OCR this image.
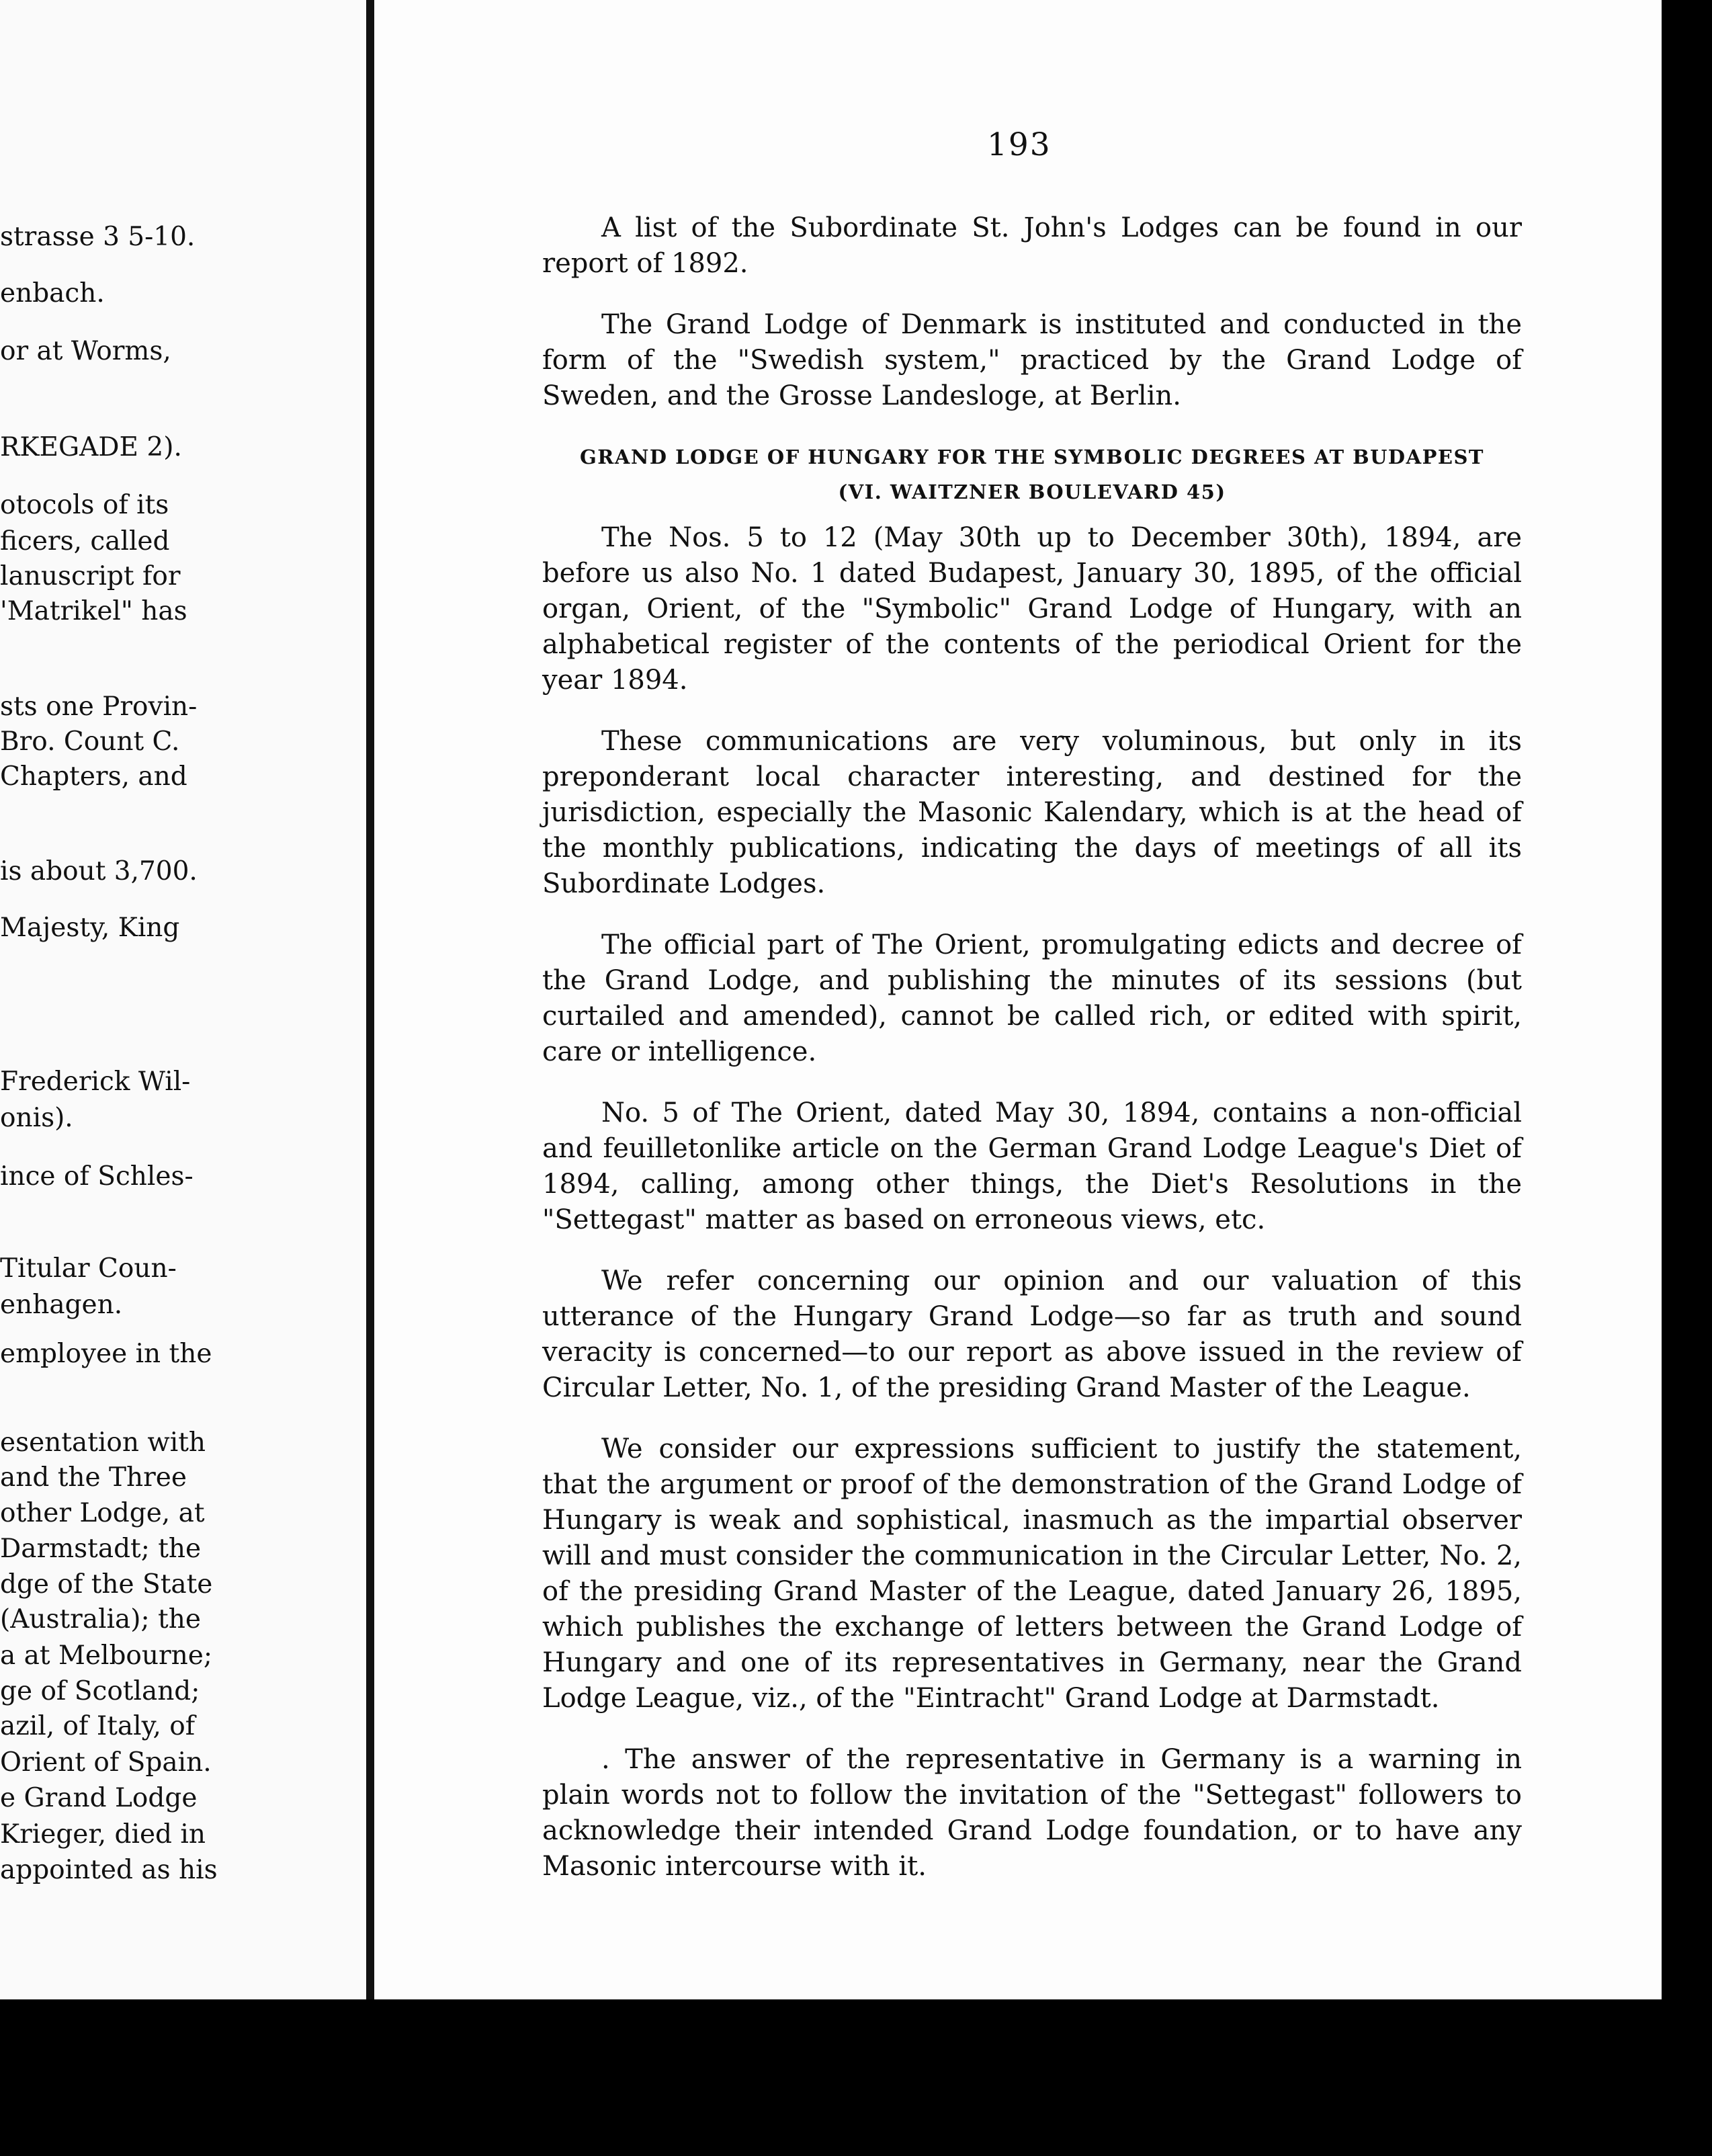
strasse 3 5-10.
enbach.
or at Worms,
RKEGADE 2).
otocols of its
ficers, called
lanuscript for
'Matrikel" has
sts one Provin-
Bro. Count C.
Chapters, and
is about 3,700.
Majesty, King
Frederick Wil-
onis).
ince of Schles-
Titular Coun-
enhagen.
employee in the
esentation with
and the Three
other Lodge, at
Darmstadt; the
dge of the State
(Australia); the
a at Melbourne;
ge of Scotland;
azil, of Italy, of
Orient of Spain.
e Grand Lodge
Krieger, died in
appointed as his
193

A list of the Subordinate St. John's Lodges can be found in our report of 1892.

The Grand Lodge of Denmark is instituted and conducted in the form of the "Swedish system," practiced by the Grand Lodge of Sweden, and the Grosse Landesloge, at Berlin.

GRAND LODGE OF HUNGARY FOR THE SYMBOLIC DEGREES AT BUDAPEST
(VI. WAITZNER BOULEVARD 45)

The Nos. 5 to 12 (May 30th up to December 30th), 1894, are before us also No. 1 dated Budapest, January 30, 1895, of the official organ, Orient, of the "Symbolic" Grand Lodge of Hungary, with an alphabetical register of the contents of the periodical Orient for the year 1894.

These communications are very voluminous, but only in its preponderant local character interesting, and destined for the jurisdiction, especially the Masonic Kalendary, which is at the head of the monthly publications, indicating the days of meetings of all its Subordinate Lodges.

The official part of The Orient, promulgating edicts and decree of the Grand Lodge, and publishing the minutes of its sessions (but curtailed and amended), cannot be called rich, or edited with spirit, care or intelligence.

No. 5 of The Orient, dated May 30, 1894, contains a non-official and feuilletonlike article on the German Grand Lodge League's Diet of 1894, calling, among other things, the Diet's Resolutions in the "Settegast" matter as based on erroneous views, etc.

We refer concerning our opinion and our valuation of this utterance of the Hungary Grand Lodge—so far as truth and sound veracity is concerned—to our report as above issued in the review of Circular Letter, No. 1, of the presiding Grand Master of the League.

We consider our expressions sufficient to justify the statement, that the argument or proof of the demonstration of the Grand Lodge of Hungary is weak and sophistical, inasmuch as the impartial observer will and must consider the communication in the Circular Letter, No. 2, of the presiding Grand Master of the League, dated January 26, 1895, which publishes the exchange of letters between the Grand Lodge of Hungary and one of its representatives in Germany, near the Grand Lodge League, viz., of the "Eintracht" Grand Lodge at Darmstadt.

. The answer of the representative in Germany is a warning in plain words not to follow the invitation of the "Settegast" followers to acknowledge their intended Grand Lodge foundation, or to have any Masonic intercourse with it.
